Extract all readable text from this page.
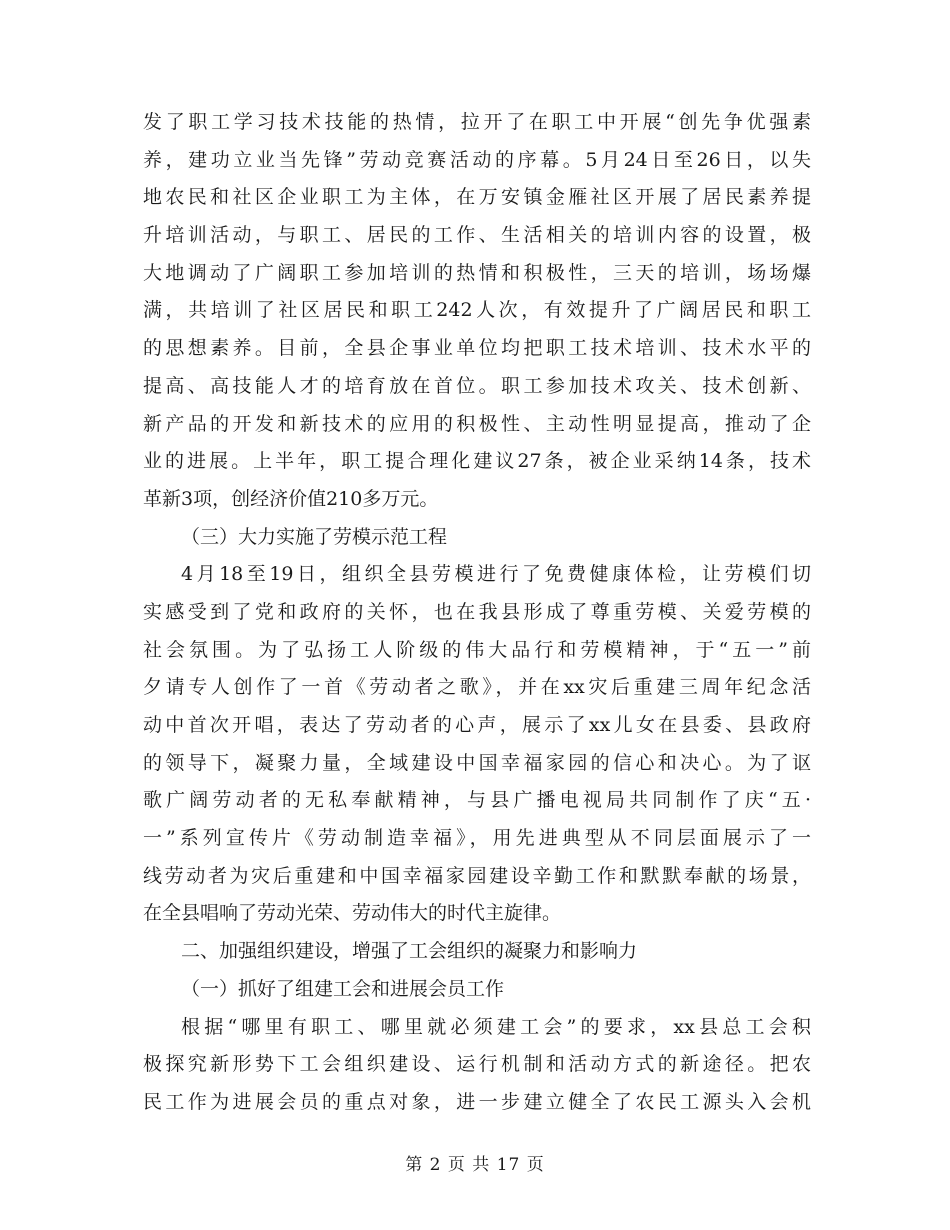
发了职工学习技术技能的热情，拉开了在职工中开展“创先争优强素
养，建功立业当先锋”劳动竞赛活动的序幕。5月24日至26日，以失
地农民和社区企业职工为主体，在万安镇金雁社区开展了居民素养提
升培训活动，与职工、居民的工作、生活相关的培训内容的设置，极
大地调动了广阔职工参加培训的热情和积极性，三天的培训，场场爆
满，共培训了社区居民和职工242人次，有效提升了广阔居民和职工
的思想素养。目前，全县企事业单位均把职工技术培训、技术水平的
提高、高技能人才的培育放在首位。职工参加技术攻关、技术创新、
新产品的开发和新技术的应用的积极性、主动性明显提高，推动了企
业的进展。上半年，职工提合理化建议27条，被企业采纳14条，技术
革新3项，创经济价值210多万元。
（三）大力实施了劳模示范工程
4月18至19日，组织全县劳模进行了免费健康体检，让劳模们切
实感受到了党和政府的关怀，也在我县形成了尊重劳模、关爱劳模的
社会氛围。为了弘扬工人阶级的伟大品行和劳模精神，于“五一”前
夕请专人创作了一首《劳动者之歌》，并在xx灾后重建三周年纪念活
动中首次开唱，表达了劳动者的心声，展示了xx儿女在县委、县政府
的领导下，凝聚力量，全域建设中国幸福家园的信心和决心。为了讴
歌广阔劳动者的无私奉献精神，与县广播电视局共同制作了庆“五·
一”系列宣传片《劳动制造幸福》，用先进典型从不同层面展示了一
线劳动者为灾后重建和中国幸福家园建设辛勤工作和默默奉献的场景，
在全县唱响了劳动光荣、劳动伟大的时代主旋律。
二、加强组织建设，增强了工会组织的凝聚力和影响力
（一）抓好了组建工会和进展会员工作
根据“哪里有职工、哪里就必须建工会”的要求，xx县总工会积
极探究新形势下工会组织建设、运行机制和活动方式的新途径。把农
民工作为进展会员的重点对象，进一步建立健全了农民工源头入会机
第 2 页 共 17 页
